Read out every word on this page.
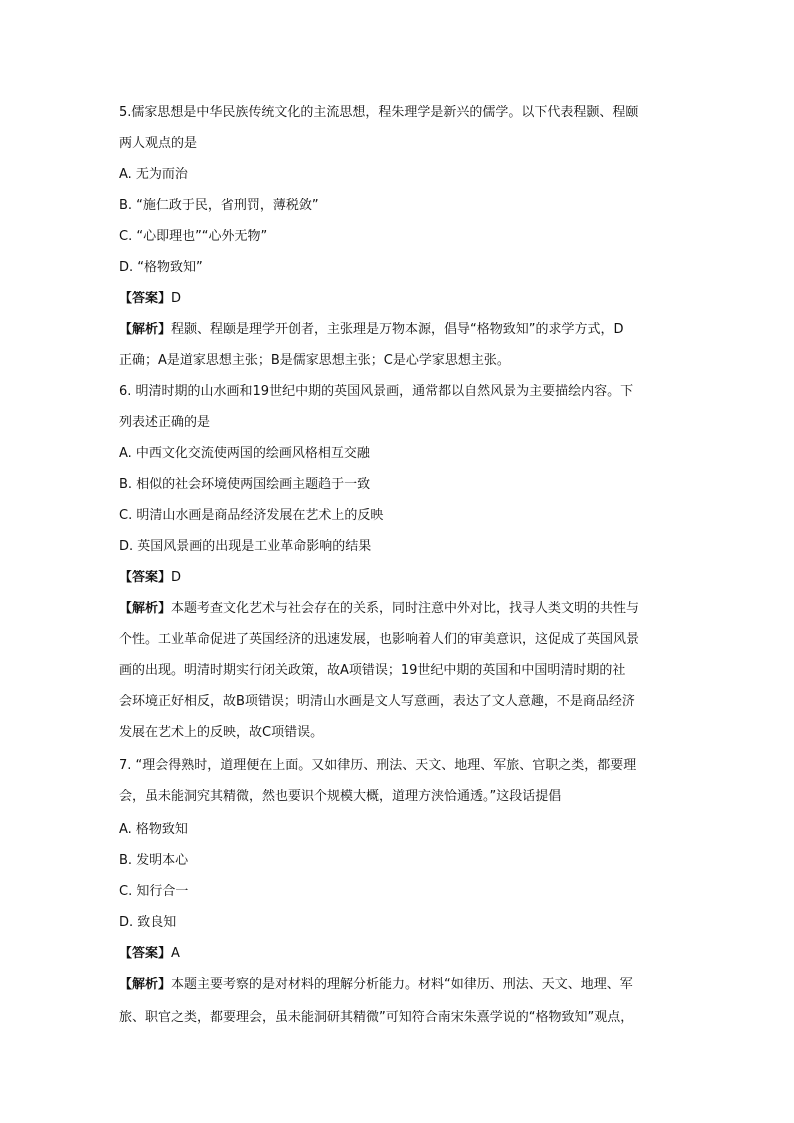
5.儒家思想是中华民族传统文化的主流思想，程朱理学是新兴的儒学。以下代表程颢、程颐
两人观点的是
A. 无为而治
B. “施仁政于民，省刑罚，薄税敛”
C. “心即理也”“心外无物”
D. “格物致知”
【答案】D
【解析】程颢、程颐是理学开创者，主张理是万物本源，倡导“格物致知”的求学方式，D
正确；A是道家思想主张；B是儒家思想主张；C是心学家思想主张。
6. 明清时期的山水画和19世纪中期的英国风景画，通常都以自然风景为主要描绘内容。下
列表述正确的是
A. 中西文化交流使两国的绘画风格相互交融
B. 相似的社会环境使两国绘画主题趋于一致
C. 明清山水画是商品经济发展在艺术上的反映
D. 英国风景画的出现是工业革命影响的结果
【答案】D
【解析】本题考查文化艺术与社会存在的关系，同时注意中外对比，找寻人类文明的共性与
个性。工业革命促进了英国经济的迅速发展，也影响着人们的审美意识，这促成了英国风景
画的出现。明清时期实行闭关政策，故A项错误；19世纪中期的英国和中国明清时期的社
会环境正好相反，故B项错误；明清山水画是文人写意画，表达了文人意趣，不是商品经济
发展在艺术上的反映，故C项错误。
7. “理会得熟时，道理便在上面。又如律历、刑法、天文、地理、军旅、官职之类，都要理
会，虽未能洞究其精微，然也要识个规模大概，道理方浃恰通透。”这段话提倡
A. 格物致知
B. 发明本心
C. 知行合一
D. 致良知
【答案】A
【解析】本题主要考察的是对材料的理解分析能力。材料“如律历、刑法、天文、地理、军
旅、职官之类，都要理会，虽未能洞研其精微”可知符合南宋朱熹学说的“格物致知”观点，
